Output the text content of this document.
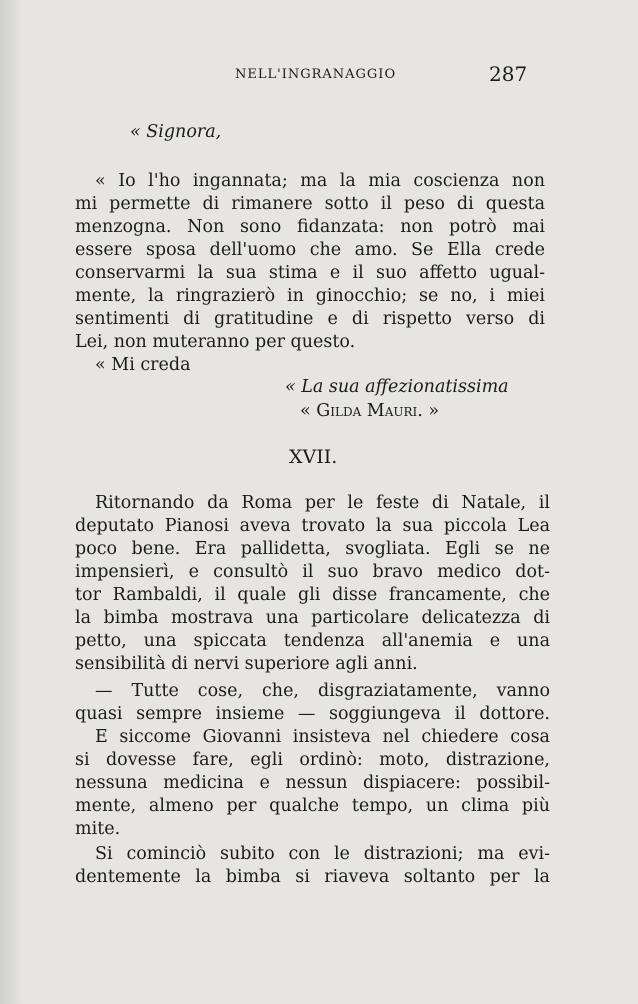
NELL'INGRANAGGIO	287
« Signora,
« Io l'ho ingannata; ma la mia coscienza non
mi permette di rimanere sotto il peso di questa
menzogna. Non sono fidanzata: non potrò mai
essere sposa dell'uomo che amo. Se Ella crede
conservarmi la sua stima e il suo affetto ugual-
mente, la ringrazierò in ginocchio; se no, i miei
sentimenti di gratitudine e di rispetto verso di
Lei, non muteranno per questo.
« Mi creda
« La sua affezionatissima
« Gilda Mauri. »
XVII.
Ritornando da Roma per le feste di Natale, il
deputato Pianosi aveva trovato la sua piccola Lea
poco bene. Era pallidetta, svogliata. Egli se ne
impensierì, e consultò il suo bravo medico dot-
tor Rambaldi, il quale gli disse francamente, che
la bimba mostrava una particolare delicatezza di
petto, una spiccata tendenza all'anemia e una
sensibilità di nervi superiore agli anni.
— Tutte cose, che, disgraziatamente, vanno
quasi sempre insieme — soggiungeva il dottore.
E siccome Giovanni insisteva nel chiedere cosa
si dovesse fare, egli ordinò: moto, distrazione,
nessuna medicina e nessun dispiacere: possibil-
mente, almeno per qualche tempo, un clima più
mite.
Si cominciò subito con le distrazioni; ma evi-
dentemente la bimba si riaveva soltanto per la
